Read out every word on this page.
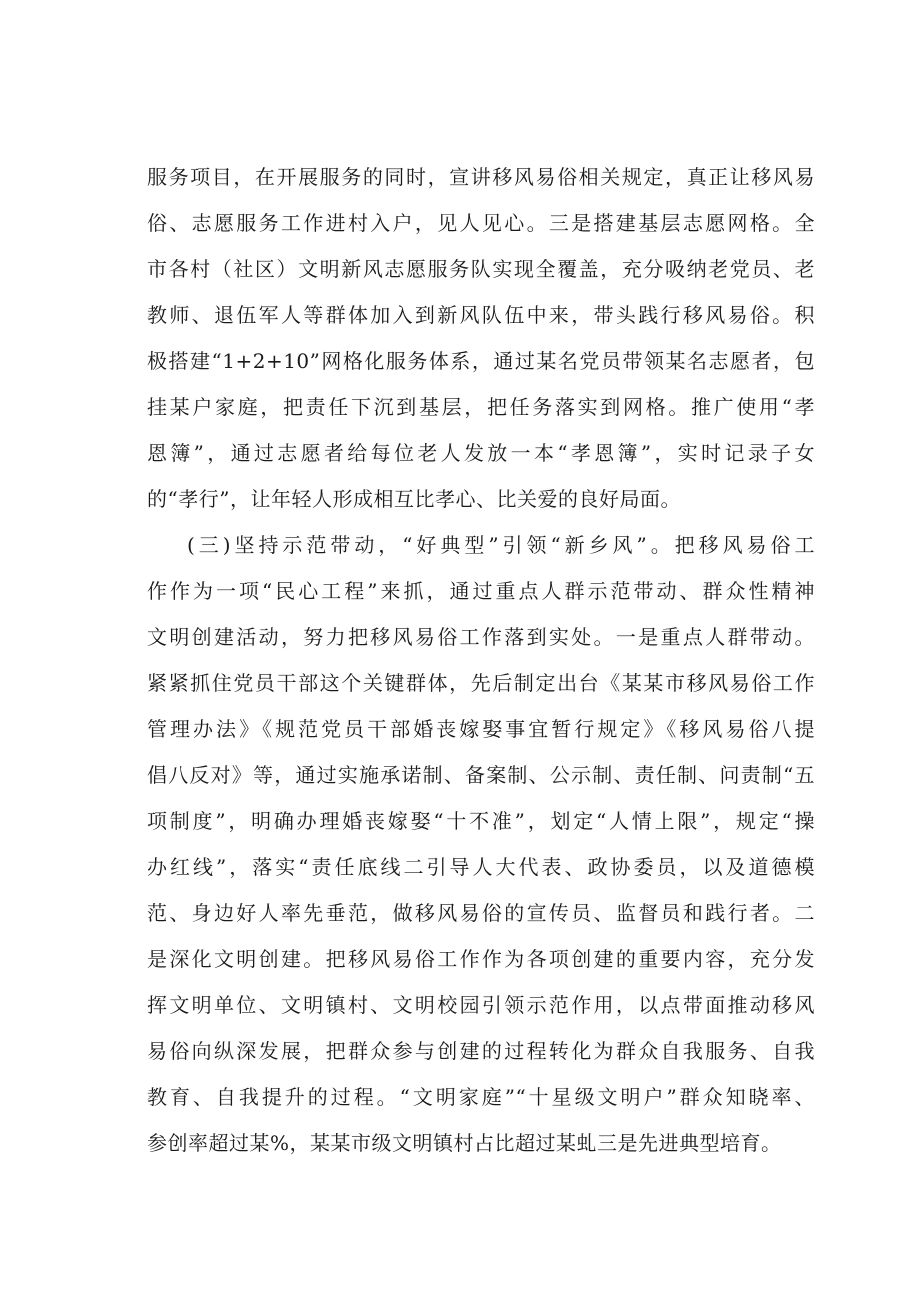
服务项目，在开展服务的同时，宣讲移风易俗相关规定，真正让移风易
俗、志愿服务工作进村入户，见人见心。三是搭建基层志愿网格。全
市各村（社区）文明新风志愿服务队实现全覆盖，充分吸纳老党员、老
教师、退伍军人等群体加入到新风队伍中来，带头践行移风易俗。积
极搭建“1+2+10”网格化服务体系，通过某名党员带领某名志愿者，包
挂某户家庭，把责任下沉到基层，把任务落实到网格。推广使用“孝
恩簿”，通过志愿者给每位老人发放一本“孝恩簿”，实时记录子女
的“孝行”，让年轻人形成相互比孝心、比关爱的良好局面。
(三)坚持示范带动，“好典型”引领“新乡风”。把移风易俗工
作作为一项“民心工程”来抓，通过重点人群示范带动、群众性精神
文明创建活动，努力把移风易俗工作落到实处。一是重点人群带动。
紧紧抓住党员干部这个关键群体，先后制定出台《某某市移风易俗工作
管理办法》《规范党员干部婚丧嫁娶事宜暂行规定》《移风易俗八提
倡八反对》等，通过实施承诺制、备案制、公示制、责任制、问责制“五
项制度”，明确办理婚丧嫁娶“十不准”，划定“人情上限”，规定“操
办红线”，落实“责任底线二引导人大代表、政协委员，以及道德模
范、身边好人率先垂范，做移风易俗的宣传员、监督员和践行者。二
是深化文明创建。把移风易俗工作作为各项创建的重要内容，充分发
挥文明单位、文明镇村、文明校园引领示范作用，以点带面推动移风
易俗向纵深发展，把群众参与创建的过程转化为群众自我服务、自我
教育、自我提升的过程。“文明家庭”“十星级文明户”群众知晓率、
参创率超过某%，某某市级文明镇村占比超过某虬三是先进典型培育。
